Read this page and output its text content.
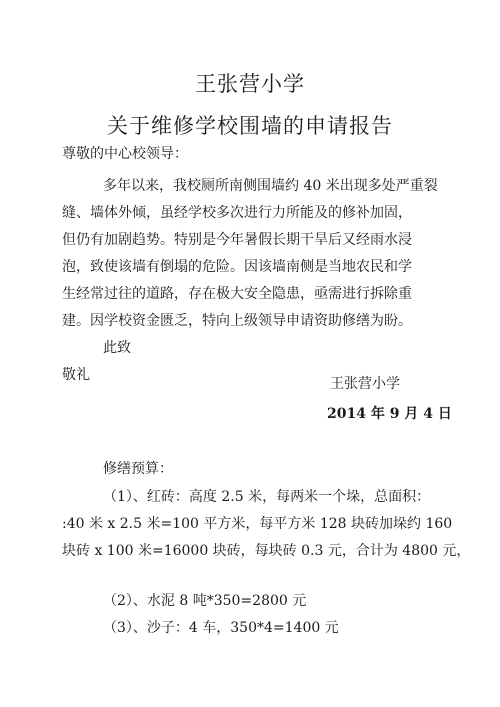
王张营小学
关于维修学校围墙的申请报告
尊敬的中心校领导：
多年以来，我校厕所南侧围墙约 40 米出现多处严重裂
缝、墙体外倾，虽经学校多次进行力所能及的修补加固，
但仍有加剧趋势。特别是今年暑假长期干旱后又经雨水浸
泡，致使该墙有倒塌的危险。因该墙南侧是当地农民和学
生经常过往的道路，存在极大安全隐患，亟需进行拆除重
建。因学校资金匮乏，特向上级领导申请资助修缮为盼。
此致
敬礼
王张营小学
2014 年 9 月 4 日
修缮预算：
（1）、红砖：高度 2.5 米，每两米一个垛，总面积：
:40 米 x 2.5 米=100 平方米，每平方米 128 块砖加垛约 160
块砖 x 100 米=16000 块砖，每块砖 0.3 元，合计为 4800 元，
（2）、水泥 8 吨*350=2800 元
（3）、沙子：4 车，350*4=1400 元
